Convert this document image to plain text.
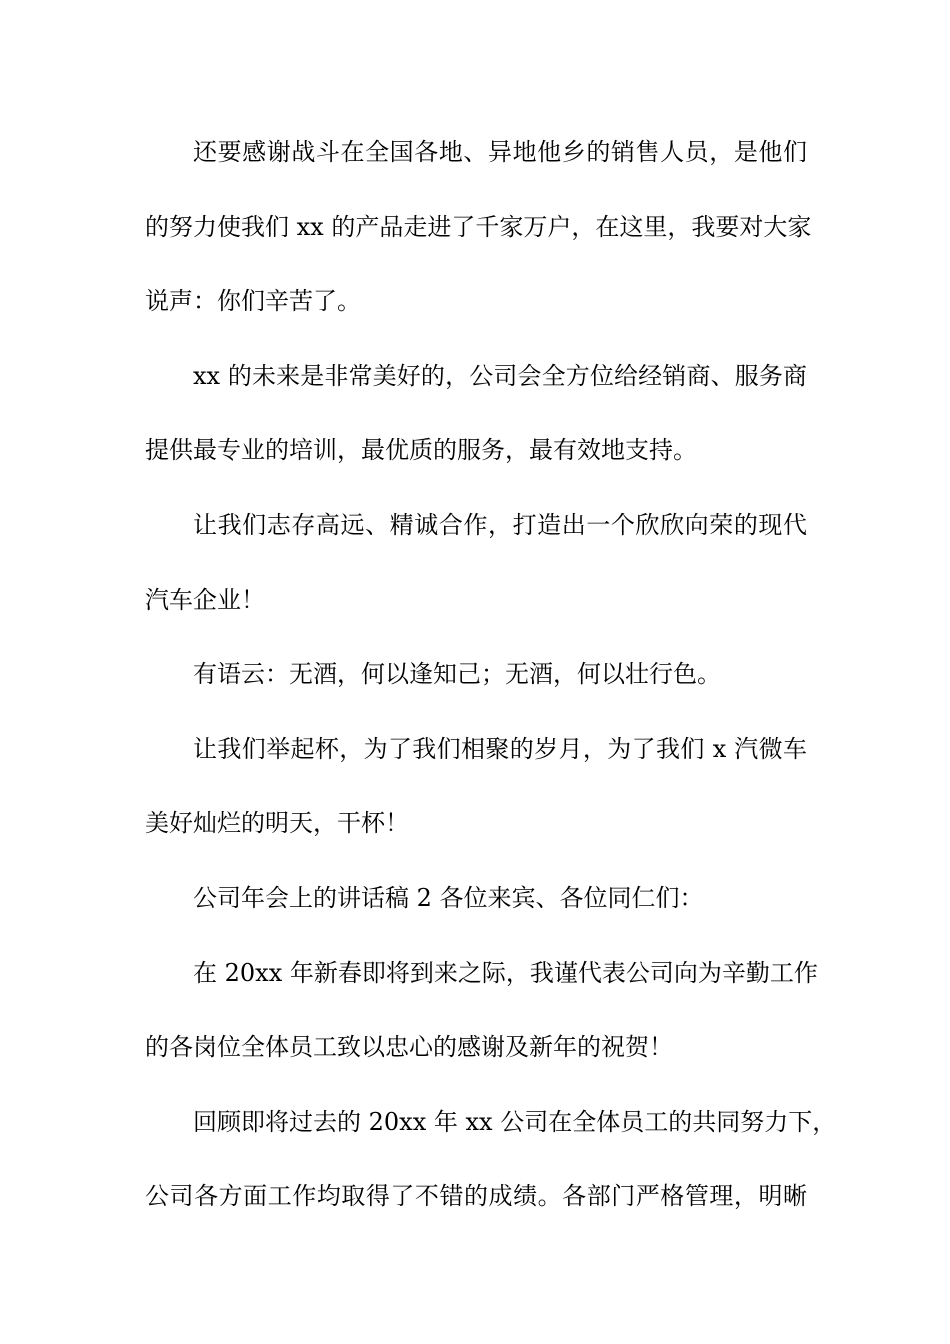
还要感谢战斗在全国各地、异地他乡的销售人员，是他们
的努力使我们 xx 的产品走进了千家万户，在这里，我要对大家
说声：你们辛苦了。
xx 的未来是非常美好的，公司会全方位给经销商、服务商
提供最专业的培训，最优质的服务，最有效地支持。
让我们志存高远、精诚合作，打造出一个欣欣向荣的现代
汽车企业！
有语云：无酒，何以逢知己；无酒，何以壮行色。
让我们举起杯，为了我们相聚的岁月，为了我们 x 汽微车
美好灿烂的明天，干杯！
公司年会上的讲话稿 2 各位来宾、各位同仁们：
在 20xx 年新春即将到来之际，我谨代表公司向为辛勤工作
的各岗位全体员工致以忠心的感谢及新年的祝贺！
回顾即将过去的 20xx 年 xx 公司在全体员工的共同努力下，
公司各方面工作均取得了不错的成绩。各部门严格管理，明晰
